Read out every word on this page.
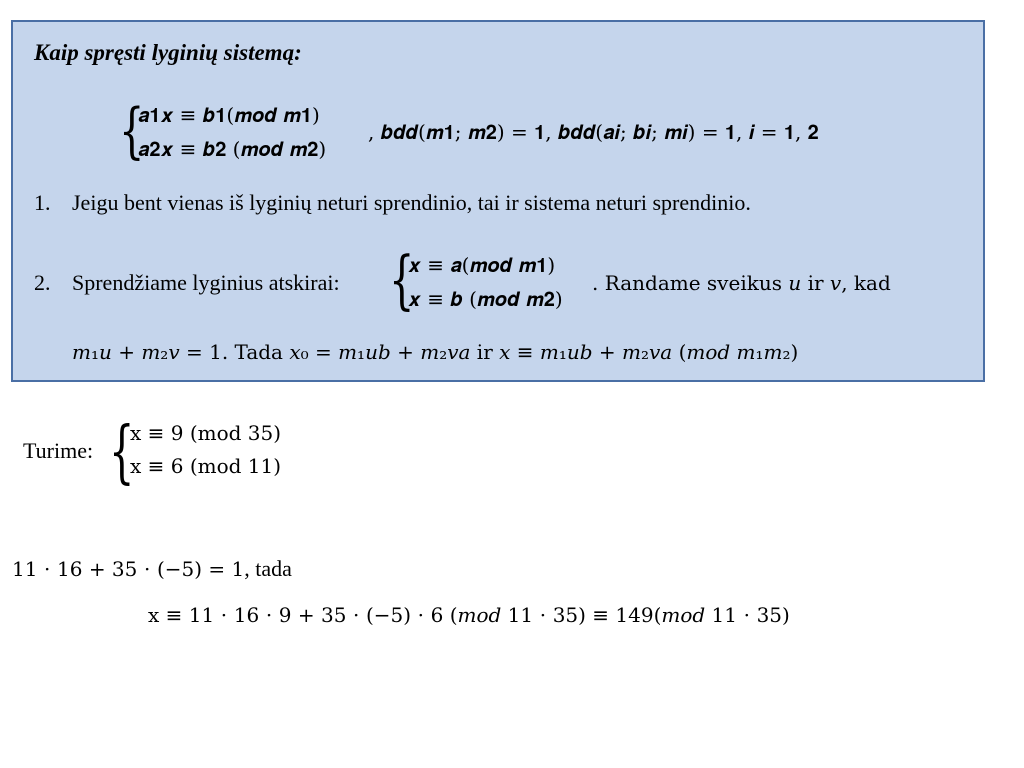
Kaip spręsti lyginių sistemą:
{
𝒂𝟏𝒙 ≡ 𝒃𝟏(𝒎𝒐𝒅 𝒎𝟏)
𝒂𝟐𝒙 ≡ 𝒃𝟐 (𝒎𝒐𝒅 𝒎𝟐)
, 𝒃𝒅𝒅(𝒎𝟏; 𝒎𝟐) = 𝟏, 𝒃𝒅𝒅(𝒂𝒊; 𝒃𝒊; 𝒎𝒊) = 𝟏, 𝒊 = 𝟏, 𝟐
1. Jeigu bent vienas iš lyginių neturi sprendinio, tai ir sistema neturi sprendinio.
2. Sprendžiame lyginius atskirai: {
𝒙 ≡ 𝒂(𝒎𝒐𝒅 𝒎𝟏)
𝒙 ≡ 𝒃 (𝒎𝒐𝒅 𝒎𝟐)
. Randame sveikus 𝑢 ir 𝑣, kad
𝑚₁𝑢 + 𝑚₂𝑣 = 1. Tada 𝑥₀ = 𝑚₁𝑢𝑏 + 𝑚₂𝑣𝑎 ir 𝑥 ≡ 𝑚₁𝑢𝑏 + 𝑚₂𝑣𝑎 (𝑚𝑜𝑑 𝑚₁𝑚₂)
Turime: {
x ≡ 9 (mod 35)
x ≡ 6 (mod 11)
11 ⋅ 16 + 35 ⋅ (−5) = 1, tada
x ≡ 11 ⋅ 16 ⋅ 9 + 35 ⋅ (−5) ⋅ 6 (𝑚𝑜𝑑 11 ⋅ 35) ≡ 149(𝑚𝑜𝑑 11 ⋅ 35)
